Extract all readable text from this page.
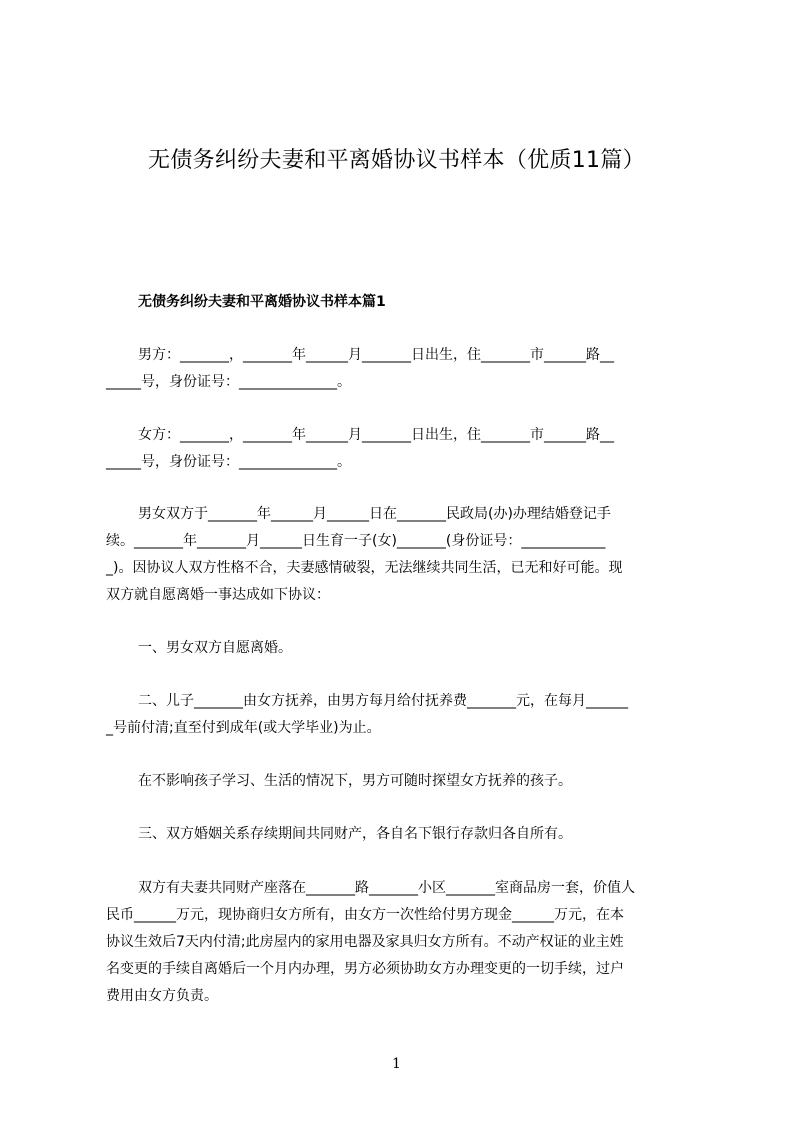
无债务纠纷夫妻和平离婚协议书样本（优质11篇）
无债务纠纷夫妻和平离婚协议书样本篇1
男方：_______，_______年______月_______日出生，住_______市______路__
_____号，身份证号：______________。
女方：_______，_______年______月_______日出生，住_______市______路__
_____号，身份证号：______________。
男女双方于_______年______月______日在_______民政局(办)办理结婚登记手
续。_______年_______月______日生育一子(女)_______(身份证号：____________
_)。因协议人双方性格不合，夫妻感情破裂，无法继续共同生活，已无和好可能。现
双方就自愿离婚一事达成如下协议：
一、男女双方自愿离婚。
二、儿子_______由女方抚养，由男方每月给付抚养费_______元，在每月______
_号前付清;直至付到成年(或大学毕业)为止。
在不影响孩子学习、生活的情况下，男方可随时探望女方抚养的孩子。
三、双方婚姻关系存续期间共同财产，各自名下银行存款归各自所有。
双方有夫妻共同财产座落在_______路_______小区_______室商品房一套，价值人
民币______万元，现协商归女方所有，由女方一次性给付男方现金______万元，在本
协议生效后7天内付清;此房屋内的家用电器及家具归女方所有。不动产权证的业主姓
名变更的手续自离婚后一个月内办理，男方必须协助女方办理变更的一切手续，过户
费用由女方负责。
1
